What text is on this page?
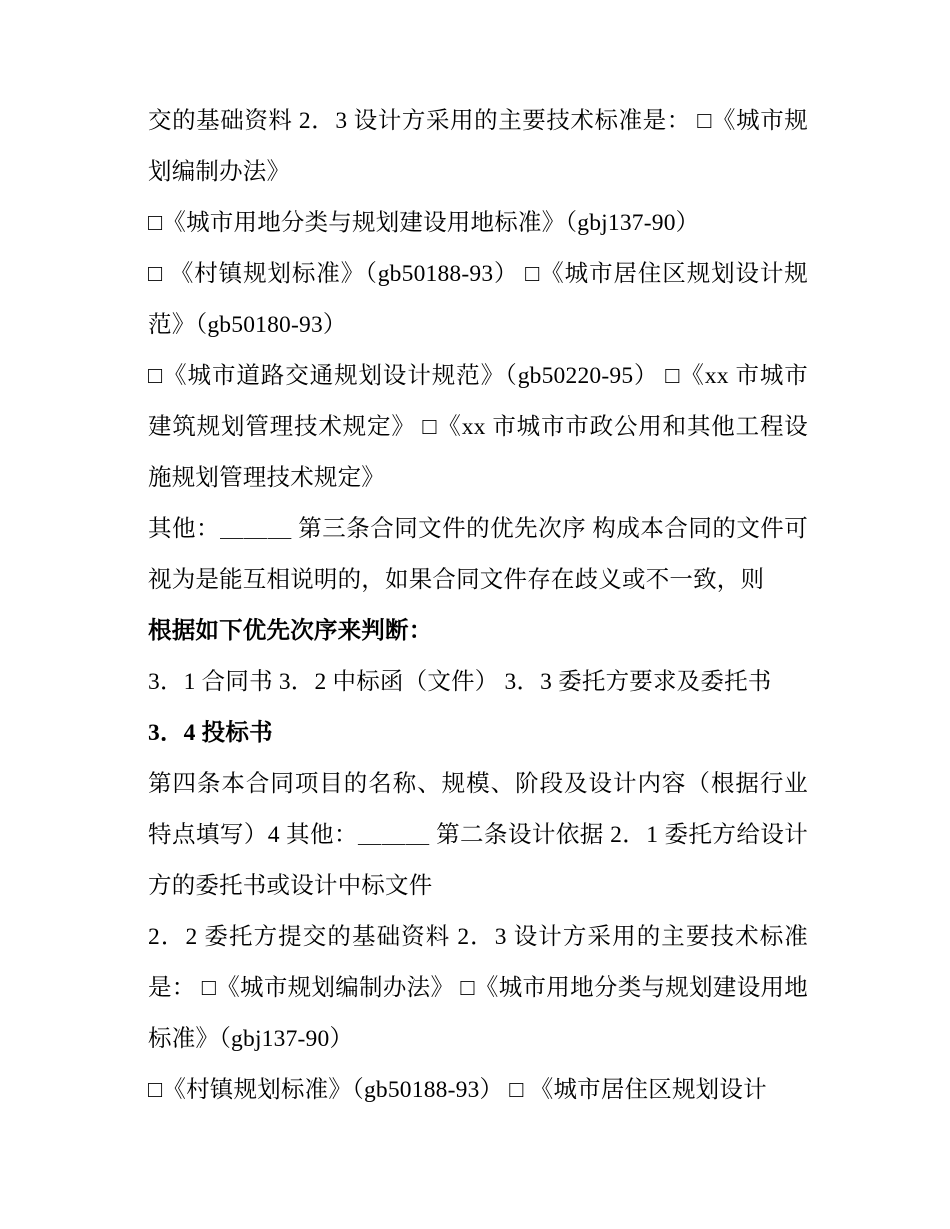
交的基础资料 2．3 设计方采用的主要技术标准是： □《城市规划编制办法》

□《城市用地分类与规划建设用地标准》（gbj137-90）

□ 《村镇规划标准》（gb50188-93） □《城市居住区规划设计规范》（gb50180-93）

□《城市道路交通规划设计规范》（gb50220-95） □《xx 市城市建筑规划管理技术规定》 □《xx 市城市市政公用和其他工程设施规划管理技术规定》

其他：＿＿＿ 第三条合同文件的优先次序 构成本合同的文件可视为是能互相说明的，如果合同文件存在歧义或不一致，则

根据如下优先次序来判断：

3．1 合同书 3．2 中标函（文件） 3．3 委托方要求及委托书

3．4 投标书

第四条本合同项目的名称、规模、阶段及设计内容（根据行业特点填写）4 其他：＿＿＿ 第二条设计依据 2．1 委托方给设计方的委托书或设计中标文件

2．2 委托方提交的基础资料 2．3 设计方采用的主要技术标准是： □《城市规划编制办法》 □《城市用地分类与规划建设用地标准》（gbj137-90）

□《村镇规划标准》（gb50188-93） □ 《城市居住区规划设计
